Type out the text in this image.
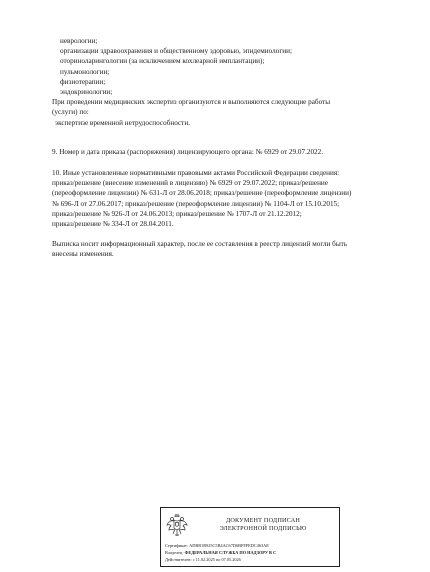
неврологии;
организации здравоохранения и общественному здоровью, эпидемиологии;
оториноларингологии (за исключением кохлеарной имплантации);
пульмонологии;
физиотерапии;
эндокринологии;
При проведении медицинских экспертиз организуются и выполняются следующие работы
(услуги) по:
экспертизе временной нетрудоспособности.
9. Номер и дата приказа (распоряжения) лицензирующего органа: № 6929 от 29.07.2022.
10. Иные установленные нормативными правовыми актами Российской Федерации сведения:
приказ/решение (внесение изменений в лицензию) № 6929 от 29.07.2022; приказ/решение
(переоформление лицензии) № 631-Л от 28.06.2018; приказ/решение (переоформление лицензии)
№ 696-Л от 27.06.2017; приказ/решение (переоформление лицензии) № 1104-Л от 15.10.2015;
приказ/решение № 926-Л от 24.06.2013; приказ/решение № 1707-Л от 21.12.2012;
приказ/решение № 334-Л от 28.04.2011.
Выписка носит информационный характер, после ее составления в реестр лицензий могли быть
внесены изменения.
ДОКУМЕНТ ПОДПИСАН
ЭЛЕКТРОННОЙ ПОДПИСЬЮ
Сертификат: ADBB1B925C5B4AC67D6BFFFEDC463AE
Владелец: ФЕДЕРАЛЬНАЯ СЛУЖБА ПО НАДЗОРУ В С
Действителен: с 11.02.2025 по 07.05.2026
